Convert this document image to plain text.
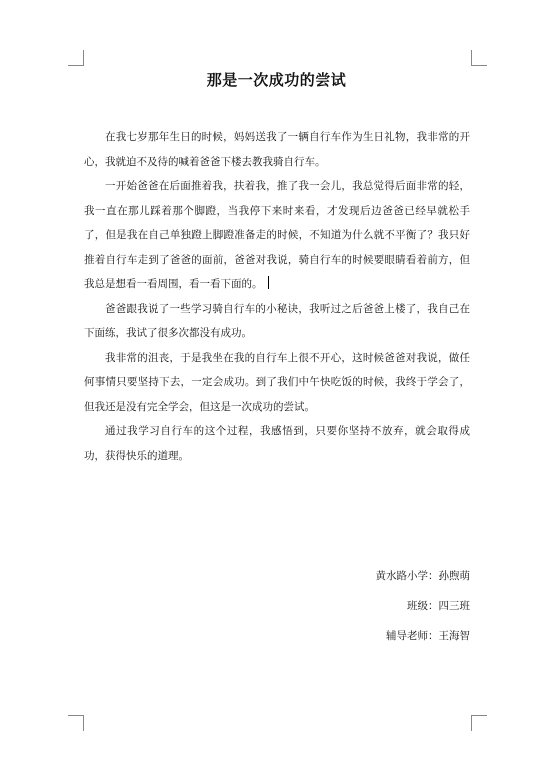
那是一次成功的尝试

在我七岁那年生日的时候，妈妈送我了一辆自行车作为生日礼物，我非常的开心，我就迫不及待的喊着爸爸下楼去教我骑自行车。

一开始爸爸在后面推着我，扶着我，推了我一会儿，我总觉得后面非常的轻，我一直在那儿踩着那个脚蹬，当我停下来时来看，才发现后边爸爸已经早就松手了，但是我在自己单独蹬上脚蹬准备走的时候，不知道为什么就不平衡了？我只好推着自行车走到了爸爸的面前，爸爸对我说，骑自行车的时候要眼睛看着前方，但我总是想看一看周围，看一看下面的。

爸爸跟我说了一些学习骑自行车的小秘诀，我听过之后爸爸上楼了，我自己在下面练，我试了很多次都没有成功。

我非常的沮丧，于是我坐在我的自行车上很不开心，这时候爸爸对我说，做任何事情只要坚持下去，一定会成功。到了我们中午快吃饭的时候，我终于学会了，但我还是没有完全学会，但这是一次成功的尝试。

通过我学习自行车的这个过程，我感悟到，只要你坚持不放弃，就会取得成功，获得快乐的道理。

黄水路小学：孙煦萌
班级：四三班
辅导老师：王海智
